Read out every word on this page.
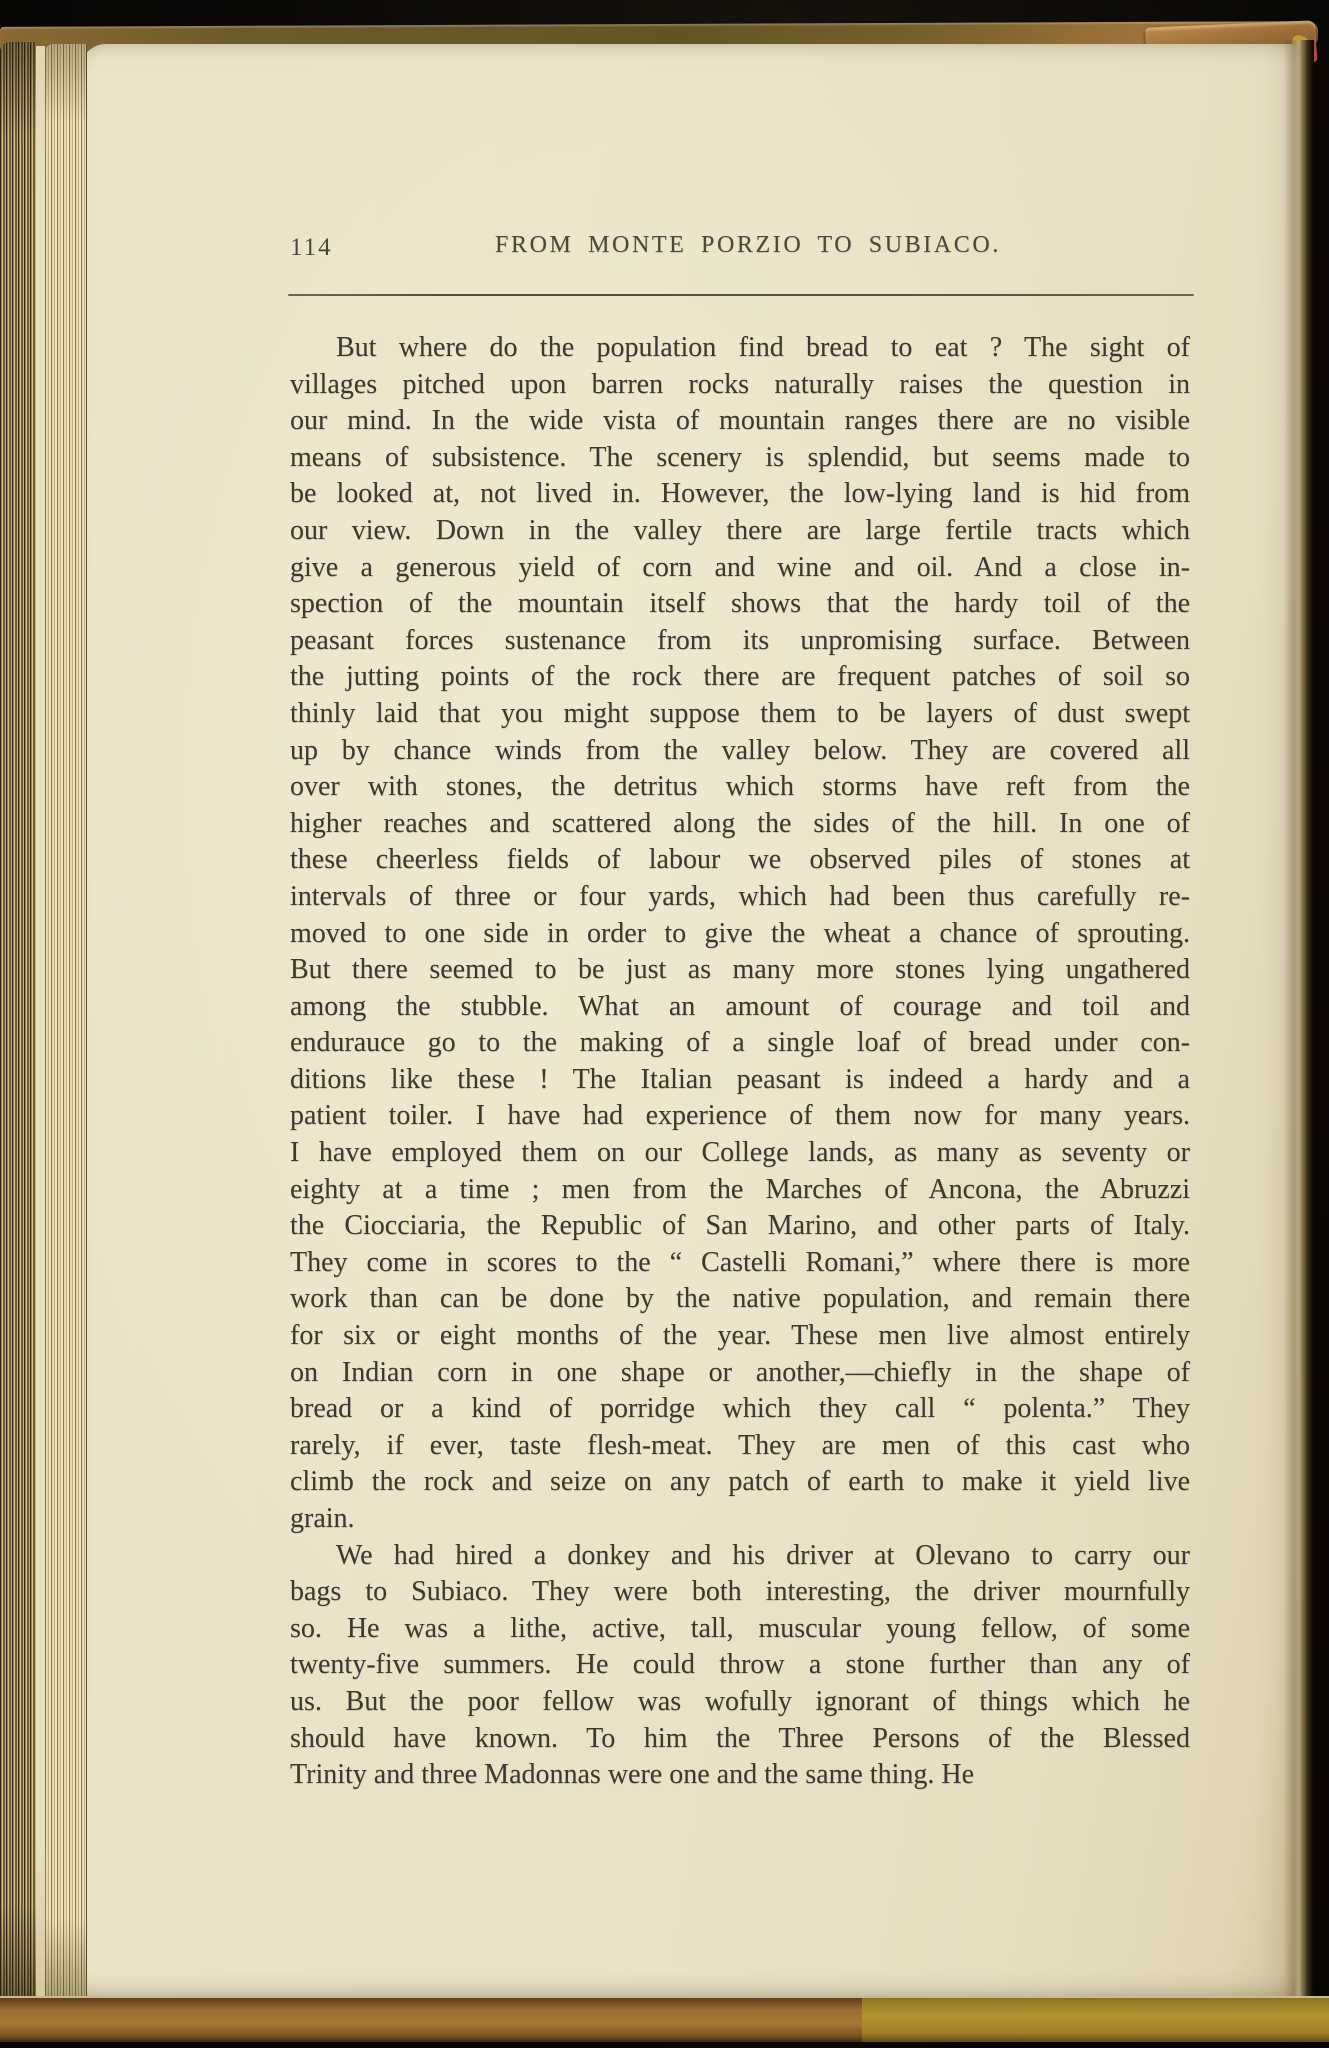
114	FROM MONTE PORZIO TO SUBIACO.
But where do the population find bread to eat ? The sight of
villages pitched upon barren rocks naturally raises the question in
our mind. In the wide vista of mountain ranges there are no visible
means of subsistence. The scenery is splendid, but seems made to
be looked at, not lived in. However, the low-lying land is hid from
our view. Down in the valley there are large fertile tracts which
give a generous yield of corn and wine and oil. And a close in-
spection of the mountain itself shows that the hardy toil of the
peasant forces sustenance from its unpromising surface. Between
the jutting points of the rock there are frequent patches of soil so
thinly laid that you might suppose them to be layers of dust swept
up by chance winds from the valley below. They are covered all
over with stones, the detritus which storms have reft from the
higher reaches and scattered along the sides of the hill. In one of
these cheerless fields of labour we observed piles of stones at
intervals of three or four yards, which had been thus carefully re-
moved to one side in order to give the wheat a chance of sprouting.
But there seemed to be just as many more stones lying ungathered
among the stubble. What an amount of courage and toil and
endurauce go to the making of a single loaf of bread under con-
ditions like these ! The Italian peasant is indeed a hardy and a
patient toiler. I have had experience of them now for many years.
I have employed them on our College lands, as many as seventy or
eighty at a time ; men from the Marches of Ancona, the Abruzzi
the Ciocciaria, the Republic of San Marino, and other parts of Italy.
They come in scores to the “ Castelli Romani,” where there is more
work than can be done by the native population, and remain there
for six or eight months of the year. These men live almost entirely
on Indian corn in one shape or another,—chiefly in the shape of
bread or a kind of porridge which they call “ polenta.” They
rarely, if ever, taste flesh-meat. They are men of this cast who
climb the rock and seize on any patch of earth to make it yield live
grain.
We had hired a donkey and his driver at Olevano to carry our
bags to Subiaco. They were both interesting, the driver mournfully
so. He was a lithe, active, tall, muscular young fellow, of some
twenty-five summers. He could throw a stone further than any of
us. But the poor fellow was wofully ignorant of things which he
should have known. To him the Three Persons of the Blessed
Trinity and three Madonnas were one and the same thing. He
